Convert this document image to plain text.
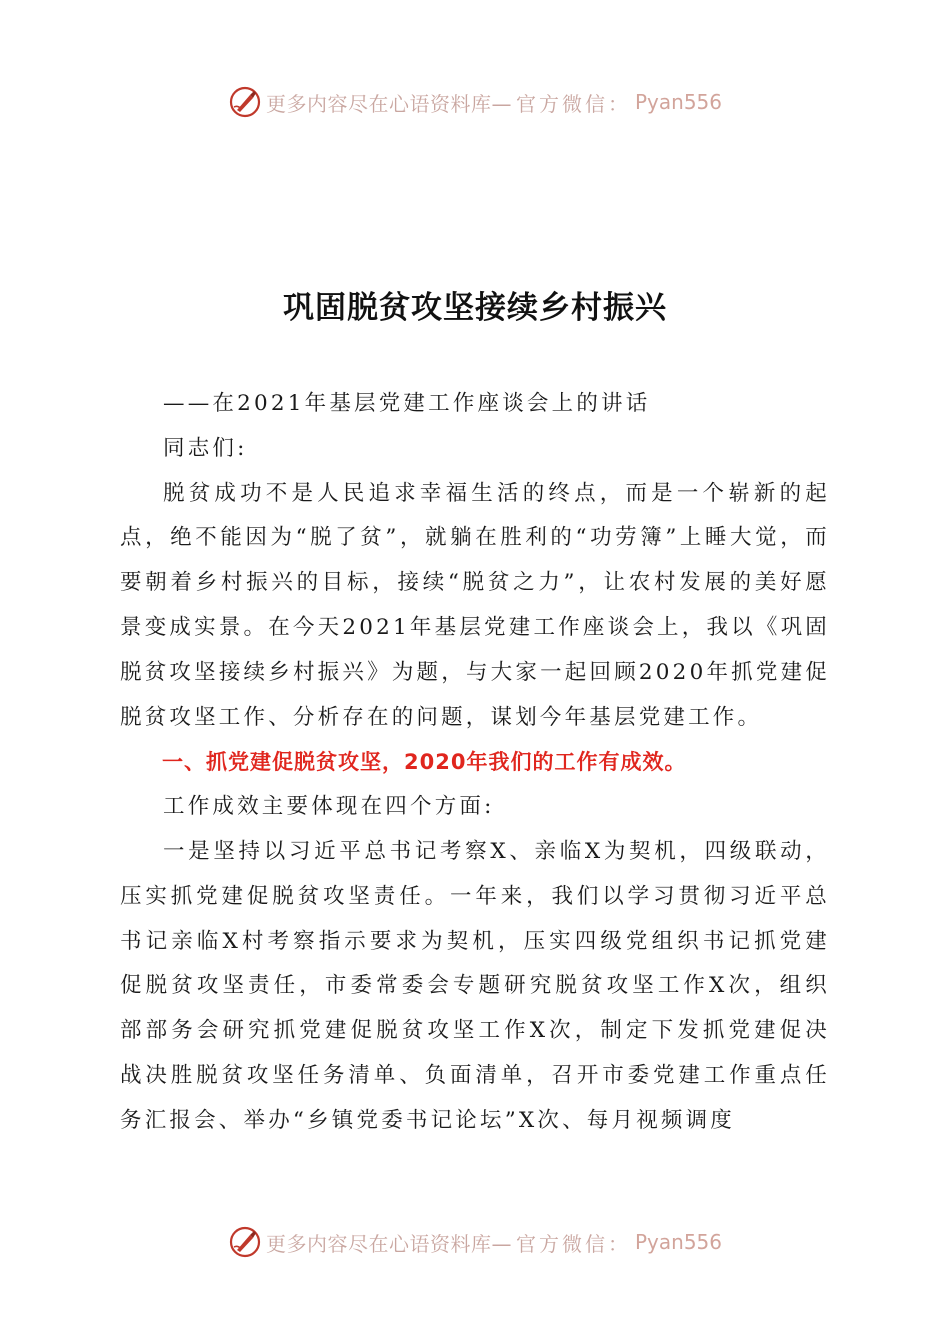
更多内容尽在心语资料库— 官方微信： Pyan556
巩固脱贫攻坚接续乡村振兴

——在2021年基层党建工作座谈会上的讲话

同志们:

脱贫成功不是人民追求幸福生活的终点，而是一个崭新的起点，绝不能因为“脱了贫”，就躺在胜利的“功劳簿”上睡大觉，而要朝着乡村振兴的目标，接续“脱贫之力”，让农村发展的美好愿景变成实景。在今天2021年基层党建工作座谈会上，我以《巩固脱贫攻坚接续乡村振兴》为题，与大家一起回顾2020年抓党建促脱贫攻坚工作、分析存在的问题，谋划今年基层党建工作。

一、抓党建促脱贫攻坚，2020年我们的工作有成效。

工作成效主要体现在四个方面:

一是坚持以习近平总书记考察X、亲临X为契机，四级联动，压实抓党建促脱贫攻坚责任。一年来，我们以学习贯彻习近平总书记亲临X村考察指示要求为契机，压实四级党组织书记抓党建促脱贫攻坚责任，市委常委会专题研究脱贫攻坚工作X次，组织部部务会研究抓党建促脱贫攻坚工作X次，制定下发抓党建促决战决胜脱贫攻坚任务清单、负面清单，召开市委党建工作重点任务汇报会、举办“乡镇党委书记论坛”X次、每月视频调度

更多内容尽在心语资料库— 官方微信： Pyan556
